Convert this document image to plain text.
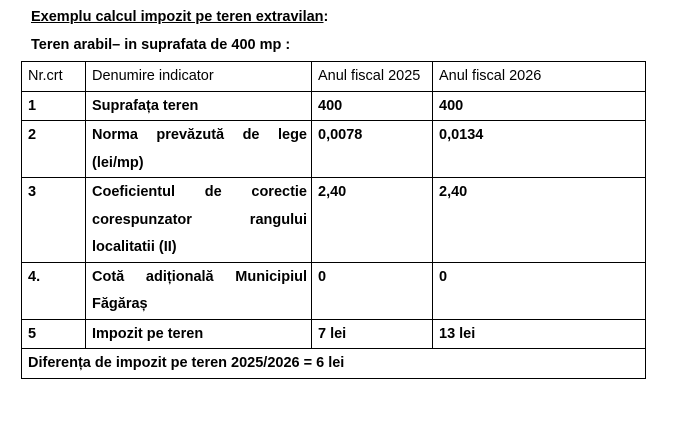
Exemplu calcul impozit pe teren extravilan:
Teren arabil– in suprafata de 400 mp :
Nr.crt	Denumire indicator	Anul fiscal 2025	Anul fiscal 2026
1	Suprafața teren	400	400
2	Norma prevăzută de lege (lei/mp)	0,0078	0,0134
3	Coeficientul de corectie corespunzator rangului localitatii (II)	2,40	2,40
4.	Cotă adițională Municipiul Făgăraș	0	0
5	Impozit pe teren	7 lei	13 lei
Diferența de impozit pe teren 2025/2026 = 6 lei			
